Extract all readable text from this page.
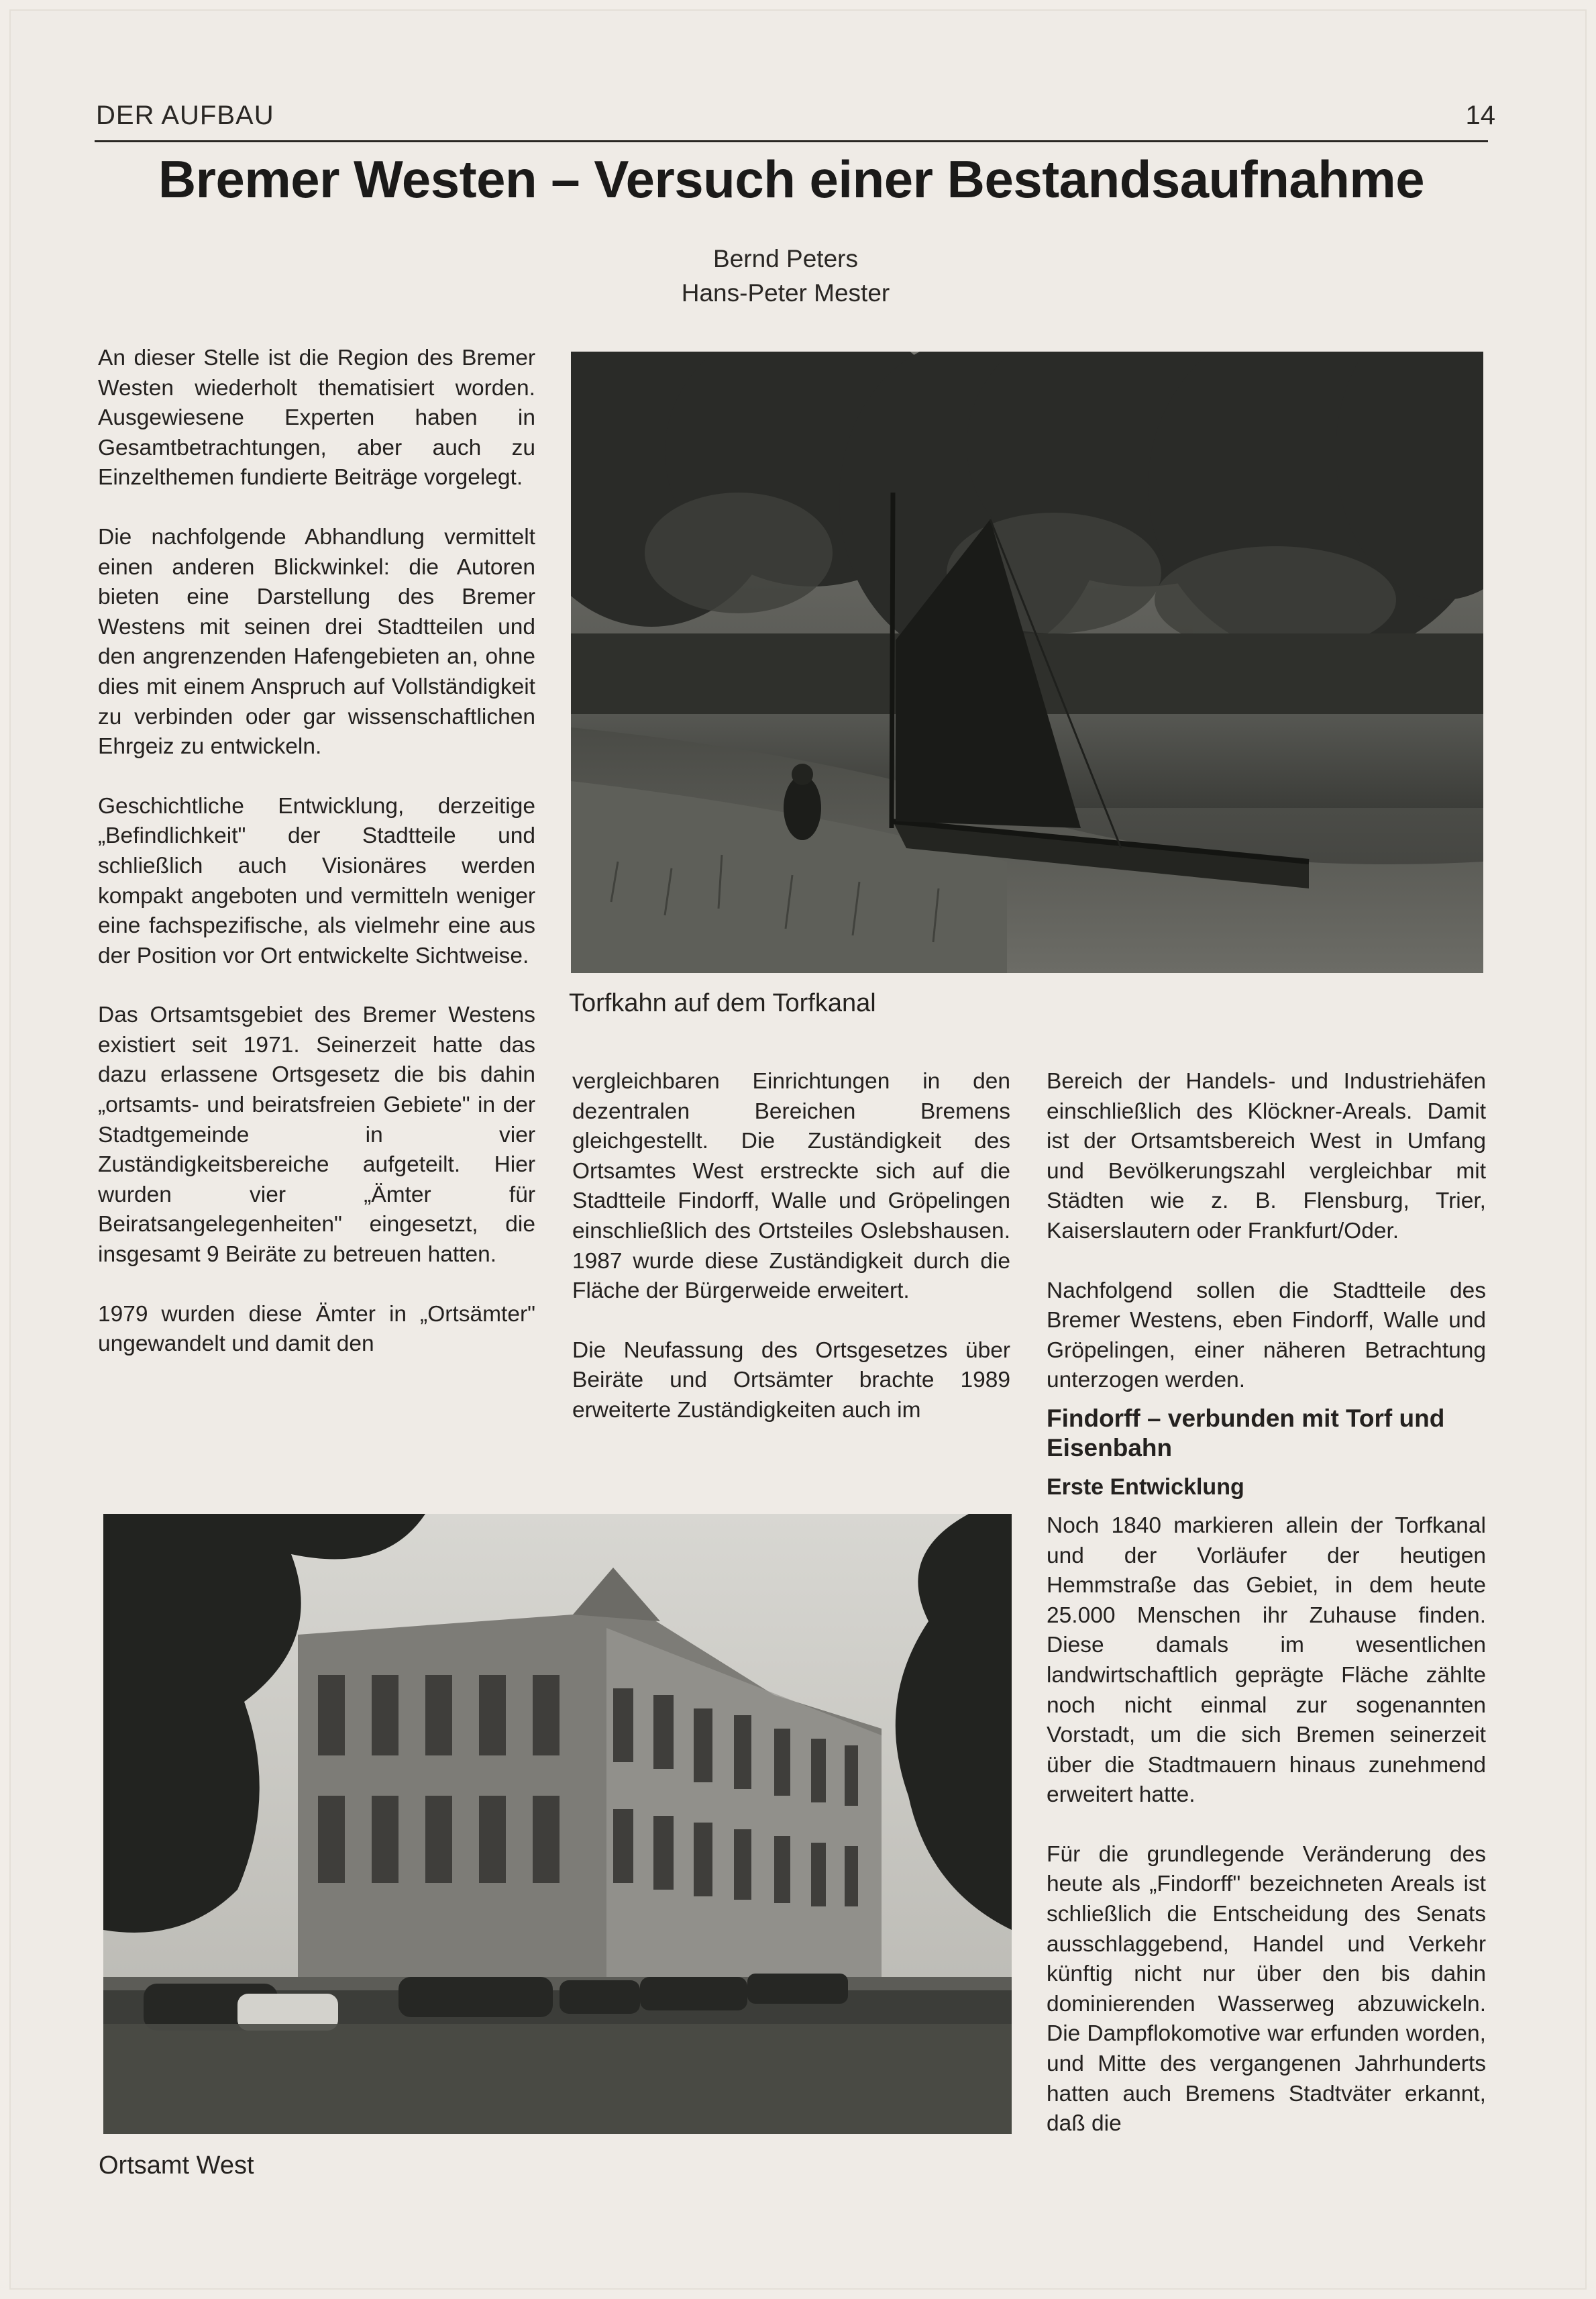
DER AUFBAU	14
Bremer Westen – Versuch einer Bestandsaufnahme
Bernd Peters
Hans-Peter Mester

An dieser Stelle ist die Region des Bremer Westen wiederholt thematisiert worden. Ausgewiesene Experten haben in Gesamtbetrachtungen, aber auch zu Einzelthemen fundierte Beiträge vorgelegt.

Die nachfolgende Abhandlung vermittelt einen anderen Blickwinkel: die Autoren bieten eine Darstellung des Bremer Westens mit seinen drei Stadtteilen und den angrenzenden Hafengebieten an, ohne dies mit einem Anspruch auf Vollständigkeit zu verbinden oder gar wissenschaftlichen Ehrgeiz zu entwickeln.

Geschichtliche Entwicklung, derzeitige „Befindlichkeit" der Stadtteile und schließlich auch Visionäres werden kompakt angeboten und vermitteln weniger eine fachspezifische, als vielmehr eine aus der Position vor Ort entwickelte Sichtweise.

Das Ortsamtsgebiet des Bremer Westens existiert seit 1971. Seinerzeit hatte das dazu erlassene Ortsgesetz die bis dahin „ortsamts- und beiratsfreien Gebiete" in der Stadtgemeinde in vier Zuständigkeitsbereiche aufgeteilt. Hier wurden vier „Ämter für Beiratsangelegenheiten" eingesetzt, die insgesamt 9 Beiräte zu betreuen hatten.

1979 wurden diese Ämter in „Ortsämter" ungewandelt und damit den

Torfkahn auf dem Torfkanal

vergleichbaren Einrichtungen in den dezentralen Bereichen Bremens gleichgestellt. Die Zuständigkeit des Ortsamtes West erstreckte sich auf die Stadtteile Findorff, Walle und Gröpelingen einschließlich des Ortsteiles Oslebshausen. 1987 wurde diese Zuständigkeit durch die Fläche der Bürgerweide erweitert.

Die Neufassung des Ortsgesetzes über Beiräte und Ortsämter brachte 1989 erweiterte Zuständigkeiten auch im

Bereich der Handels- und Industriehäfen einschließlich des Klöckner-Areals. Damit ist der Ortsamtsbereich West in Umfang und Bevölkerungszahl vergleichbar mit Städten wie z. B. Flensburg, Trier, Kaiserslautern oder Frankfurt/Oder.

Nachfolgend sollen die Stadtteile des Bremer Westens, eben Findorff, Walle und Gröpelingen, einer näheren Betrachtung unterzogen werden.

Findorff – verbunden mit Torf und Eisenbahn
Erste Entwicklung

Noch 1840 markieren allein der Torfkanal und der Vorläufer der heutigen Hemmstraße das Gebiet, in dem heute 25.000 Menschen ihr Zuhause finden. Diese damals im wesentlichen landwirtschaftlich geprägte Fläche zählte noch nicht einmal zur sogenannten Vorstadt, um die sich Bremen seinerzeit über die Stadtmauern hinaus zunehmend erweitert hatte.

Für die grundlegende Veränderung des heute als „Findorff" bezeichneten Areals ist schließlich die Entscheidung des Senats ausschlaggebend, Handel und Verkehr künftig nicht nur über den bis dahin dominierenden Wasserweg abzuwickeln. Die Dampflokomotive war erfunden worden, und Mitte des vergangenen Jahrhunderts hatten auch Bremens Stadtväter erkannt, daß die

Ortsamt West
